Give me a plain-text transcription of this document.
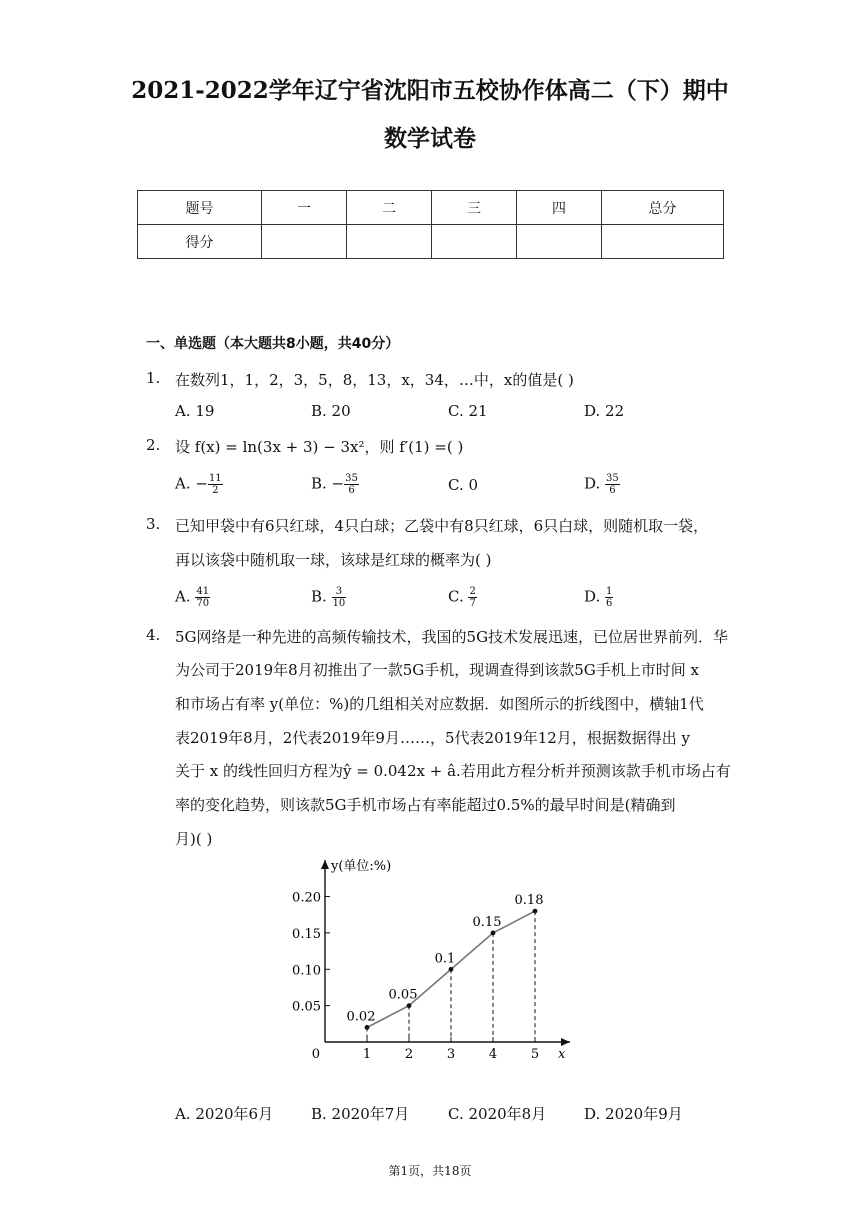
2021-2022学年辽宁省沈阳市五校协作体高二（下）期中
数学试卷
题号	一	二	三	四	总分
得分					
一、单选题（本大题共8小题，共40分）
1. 在数列1，1，2，3，5，8，13，x，34，…中，x的值是( )
A. 19	B. 20	C. 21	D. 22
2. 设 f(x) = ln(3x + 3) − 3x²，则 f′(1) =( )
A. − $\frac{11}{2}$	B. − $\frac{35}{6}$	C. 0	D. $\frac{35}{6}$
3. 已知甲袋中有6只红球，4只白球；乙袋中有8只红球，6只白球，则随机取一袋，
再以该袋中随机取一球，该球是红球的概率为( )
A. $\frac{41}{70}$	B. $\frac{3}{10}$	C. $\frac{2}{7}$	D. $\frac{1}{6}$
4. 5G网络是一种先进的高频传输技术，我国的5G技术发展迅速，已位居世界前列．华
为公司于2019年8月初推出了一款5G手机，现调查得到该款5G手机上市时间 x
和市场占有率 y(单位：%)的几组相关对应数据．如图所示的折线图中，横轴1代
表2019年8月，2代表2019年9月……，5代表2019年12月，根据数据得出 y
关于 x 的线性回归方程为ŷ = 0.042x + â.若用此方程分析并预测该款手机市场占有
率的变化趋势，则该款5G手机市场占有率能超过0.5%的最早时间是(精确到
月)( )
y(单位:%)
x
0	1	2	3	4	5
0.05
0.10
0.15
0.20
0.02
0.05
0.1
0.15
0.18
A. 2020年6月	B. 2020年7月	C. 2020年8月	D. 2020年9月
第1页，共18页
